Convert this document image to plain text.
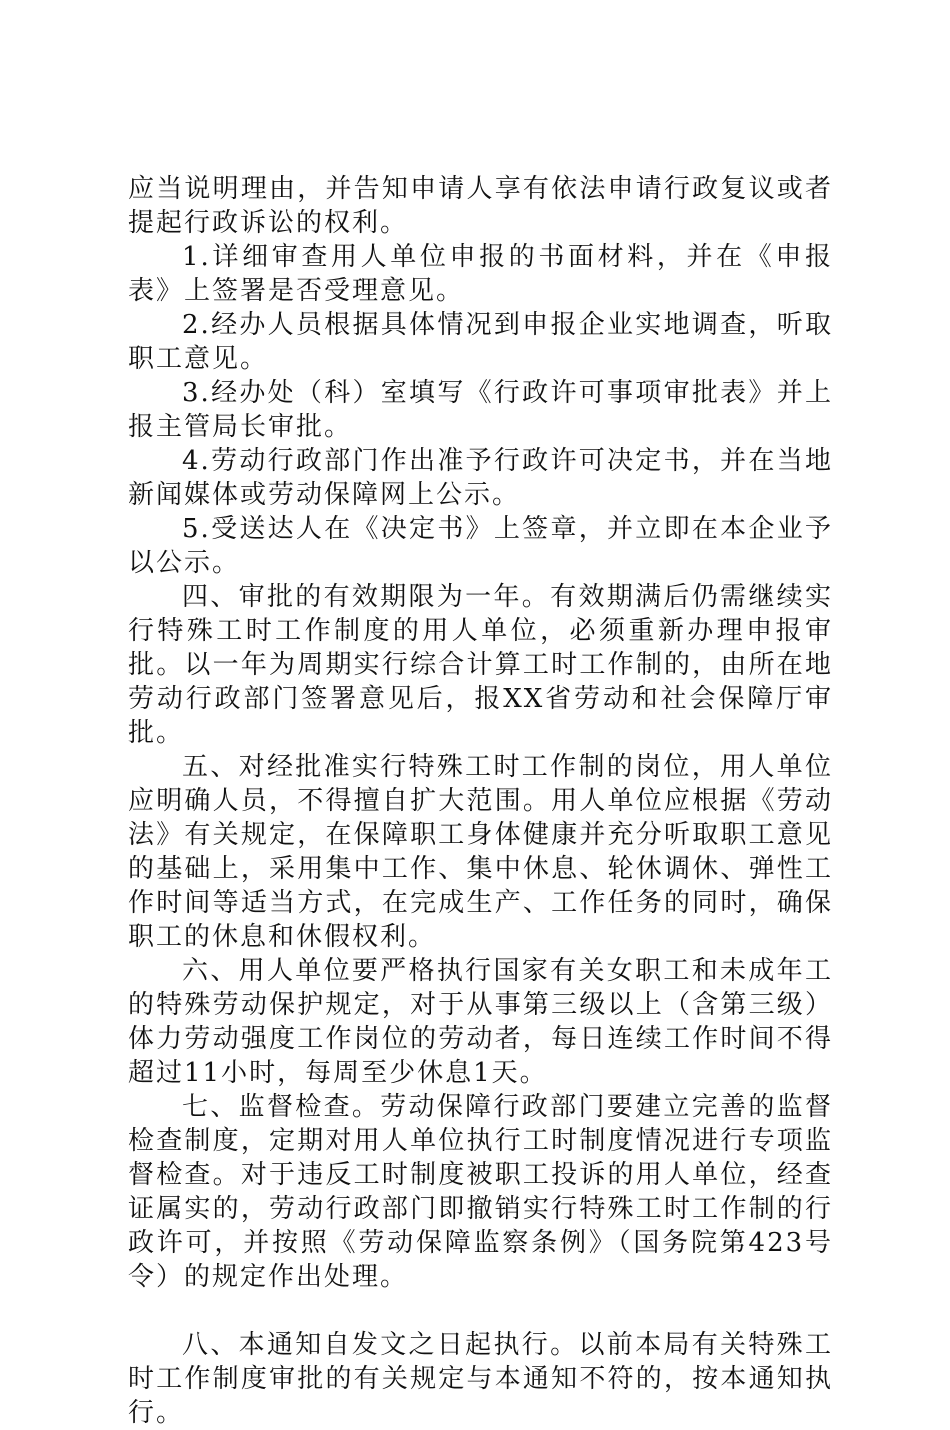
应当说明理由，并告知申请人享有依法申请行政复议或者提起行政诉讼的权利。

1.详细审查用人单位申报的书面材料，并在《申报表》上签署是否受理意见。

2.经办人员根据具体情况到申报企业实地调查，听取职工意见。

3.经办处（科）室填写《行政许可事项审批表》并上报主管局长审批。

4.劳动行政部门作出准予行政许可决定书，并在当地新闻媒体或劳动保障网上公示。

5.受送达人在《决定书》上签章，并立即在本企业予以公示。

四、审批的有效期限为一年。有效期满后仍需继续实行特殊工时工作制度的用人单位，必须重新办理申报审批。以一年为周期实行综合计算工时工作制的，由所在地劳动行政部门签署意见后，报XX省劳动和社会保障厅审批。

五、对经批准实行特殊工时工作制的岗位，用人单位应明确人员，不得擅自扩大范围。用人单位应根据《劳动法》有关规定，在保障职工身体健康并充分听取职工意见的基础上，采用集中工作、集中休息、轮休调休、弹性工作时间等适当方式，在完成生产、工作任务的同时，确保职工的休息和休假权利。

六、用人单位要严格执行国家有关女职工和未成年工的特殊劳动保护规定，对于从事第三级以上（含第三级）体力劳动强度工作岗位的劳动者，每日连续工作时间不得超过11小时，每周至少休息1天。

七、监督检查。劳动保障行政部门要建立完善的监督检查制度，定期对用人单位执行工时制度情况进行专项监督检查。对于违反工时制度被职工投诉的用人单位，经查证属实的，劳动行政部门即撤销实行特殊工时工作制的行政许可，并按照《劳动保障监察条例》（国务院第423号令）的规定作出处理。

八、本通知自发文之日起执行。以前本局有关特殊工时工作制度审批的有关规定与本通知不符的，按本通知执行。
